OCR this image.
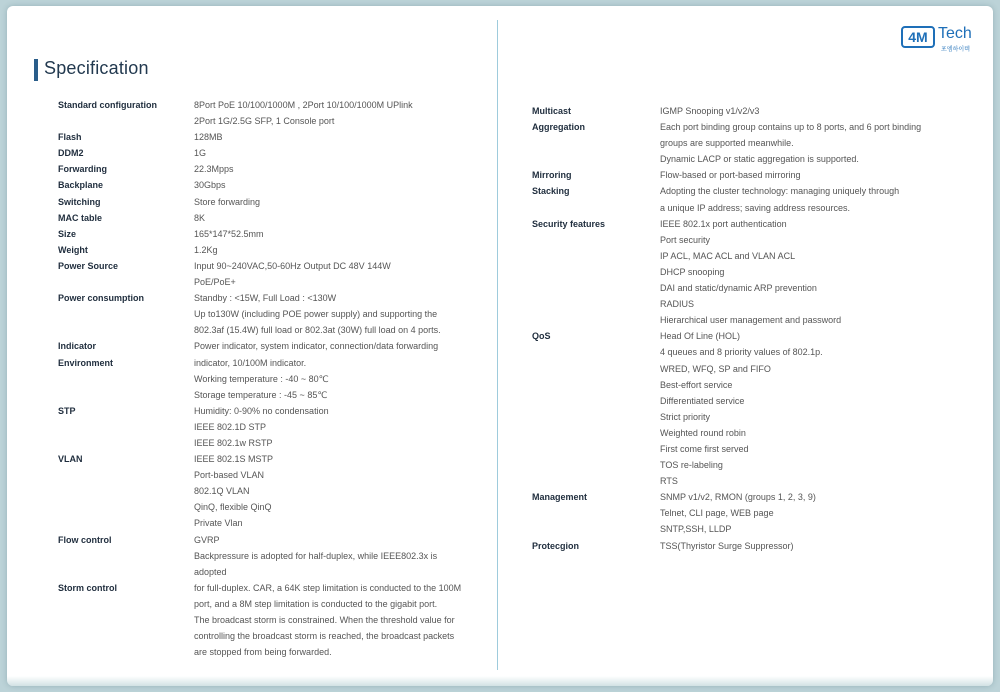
Specification
4M Tech
포엠하이텍
Standard configuration	8Port PoE 10/100/1000M , 2Port 10/100/1000M UPlink
2Port 1G/2.5G SFP, 1 Console port
Flash	128MB
DDM2	1G
Forwarding	22.3Mpps
Backplane	30Gbps
Switching	Store forwarding
MAC table	8K
Size	165*147*52.5mm
Weight	1.2Kg
Power Source	Input 90~240VAC,50-60Hz Output DC 48V 144W
PoE/PoE+
Power consumption	Standby : <15W, Full Load : <130W
Up to130W (including POE power supply) and supporting the
802.3af (15.4W) full load or 802.3at (30W) full load on 4 ports.
Indicator	Power indicator, system indicator, connection/data forwarding
Environment	indicator, 10/100M indicator.
Working temperature : -40 ~ 80℃
Storage temperature : -45 ~ 85℃
STP	Humidity: 0-90% no condensation
IEEE 802.1D STP
IEEE 802.1w RSTP
VLAN	IEEE 802.1S MSTP
Port-based VLAN
802.1Q VLAN
QinQ, flexible QinQ
Private Vlan
Flow control	GVRP
Backpressure is adopted for half-duplex, while IEEE802.3x is
adopted
Storm control	for full-duplex. CAR, a 64K step limitation is conducted to the 100M
port, and a 8M step limitation is conducted to the gigabit port.
The broadcast storm is constrained. When the threshold value for
controlling the broadcast storm is reached, the broadcast packets
are stopped from being forwarded.
Multicast	IGMP Snooping v1/v2/v3
Aggregation	Each port binding group contains up to 8 ports, and 6 port binding
groups are supported meanwhile.
Dynamic LACP or static aggregation is supported.
Mirroring	Flow-based or port-based mirroring
Stacking	Adopting the cluster technology: managing uniquely through
a unique IP address; saving address resources.
Security features	IEEE 802.1x port authentication
Port security
IP ACL, MAC ACL and VLAN ACL
DHCP snooping
DAI and static/dynamic ARP prevention
RADIUS
Hierarchical user management and password
QoS	Head Of Line (HOL)
4 queues and 8 priority values of 802.1p.
WRED, WFQ, SP and FIFO
Best-effort service
Differentiated service
Strict priority
Weighted round robin
First come first served
TOS re-labeling
RTS
Management	SNMP v1/v2, RMON (groups 1, 2, 3, 9)
Telnet, CLI page, WEB page
SNTP,SSH, LLDP
Protecgion	TSS(Thyristor Surge Suppressor)
